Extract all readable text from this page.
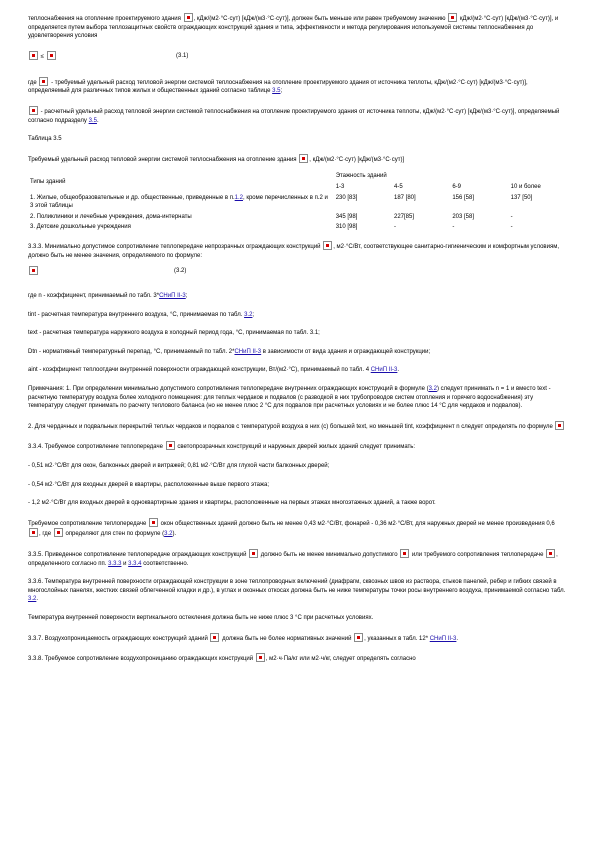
теплоснабжения на отопление проектируемого здания , кДж/(м2·°С·сут) [кДж/(м3·°С·сут)], должен быть меньше или равен требуемому значению кДж/(м2·°С·сут) [кДж/(м3·°С·сут)], и определяется путем выбора теплозащитных свойств ограждающих конструкций здания и типа, эффективности и метода регулирования используемой системы теплоснабжения до удовлетворения условия

≤	(3.1)

где - требуемый удельный расход тепловой энергии системой теплоснабжения на отопление проектируемого здания от источника теплоты, кДж/(м2·°С·сут) [кДж/(м3·°С·сут)], определяемый для различных типов жилых и общественных зданий согласно таблице 3.5;

- расчетный удельный расход тепловой энергии системой теплоснабжения на отопление проектируемого здания от источника теплоты, кДж/(м2·°С·сут) [кДж/(м3·°С·сут)], определяемый согласно подразделу 3.5.

Таблица 3.5

Требуемый удельный расход тепловой энергии системой теплоснабжения на отопление здания , кДж/(м2·°С·сут) [кДж/(м3·°С·сут)]

Типы зданий	Этажность зданий			
	1-3	4-5	6-9	10 и более
1. Жилые, общеобразовательные и др. общественные, приведенные в п.1.2, кроме перечисленных в п.2 и 3 этой таблицы	230 [83]	187 [80]	156 [58]	137 [50]
2. Поликлиники и лечебные учреждения, дома-интернаты	345 [98]	227[85]	203 [58]	-
3. Детские дошкольные учреждения	310 [98]	-	-	-

3.3.3. Минимально допустимое сопротивление теплопередаче непрозрачных ограждающих конструкций , м2·°С/Вт, соответствующее санитарно-гигиеническим и комфортным условиям, должно быть не менее значения, определяемого по формуле:

(3.2)

где n - коэффициент, принимаемый по табл. 3*СНиП II-3;

tint - расчетная температура внутреннего воздуха, °С, принимаемая по табл. 3.2;

text - расчетная температура наружного воздуха в холодный период года, °С, принимаемая по табл. 3.1;

Dtn - нормативный температурный перепад, °С, принимаемый по табл. 2*СНиП II-3 в зависимости от вида здания и ограждающей конструкции;

aint - коэффициент теплоотдачи внутренней поверхности ограждающей конструкции, Вт/(м2·°С), принимаемый по табл. 4 СНиП II-3.

Примечания: 1. При определении минимально допустимого сопротивления теплопередаче внутренних ограждающих конструкций в формуле (3.2) следует принимать n = 1 и вместо text - расчетную температуру воздуха более холодного помещения: для теплых чердаков и подвалов (с разводкой в них трубопроводов систем отопления и горячего водоснабжения) эту температуру следует принимать по расчету теплового баланса (но не менее плюс 2 °С для подвалов при расчетных условиях и не более плюс 14 °С для чердаков и подвалов).

2. Для чердачных и подвальных перекрытий теплых чердаков и подвалов с температурой воздуха в них (с) большей text, но меньшей tint, коэффициент n следует определять по формуле

3.3.4. Требуемое сопротивление теплопередаче светопрозрачных конструкций и наружных дверей жилых зданий следует принимать:

- 0,51 м2·°С/Вт для окон, балконных дверей и витражей; 0,81 м2·°С/Вт для глухой части балконных дверей;

- 0,54 м2·°С/Вт для входных дверей в квартиры, расположенные выше первого этажа;

- 1,2 м2·°С/Вт для входных дверей в одноквартирные здания и квартиры, расположенные на первых этажах многоэтажных зданий, а также ворот.

Требуемое сопротивление теплопередаче окон общественных зданий должно быть не менее 0,43 м2·°С/Вт, фонарей - 0,36 м2·°С/Вт, для наружных дверей не менее произведения 0,6 , где определяют для стен по формуле (3.2).

3.3.5. Приведенное сопротивление теплопередаче ограждающих конструкций должно быть не менее минимально допустимого или требуемого сопротивления теплопередаче , определенного согласно пп. 3.3.3 и 3.3.4 соответственно.

3.3.6. Температура внутренней поверхности ограждающей конструкции в зоне теплопроводных включений (диафрагм, сквозных швов из раствора, стыков панелей, ребер и гибких связей в многослойных панелях, жестких связей облегченной кладки и др.), в углах и оконных откосах должна быть не ниже температуры точки росы внутреннего воздуха, принимаемой согласно табл. 3.2.

Температура внутренней поверхности вертикального остекления должна быть не ниже плюс 3 °С при расчетных условиях.

3.3.7. Воздухопроницаемость ограждающих конструкций зданий должна быть не более нормативных значений , указанных в табл. 12* СНиП II-3.

3.3.8. Требуемое сопротивление воздухопроницанию ограждающих конструкций , м2·ч·Па/кг или м2·ч/кг, следует определять согласно
